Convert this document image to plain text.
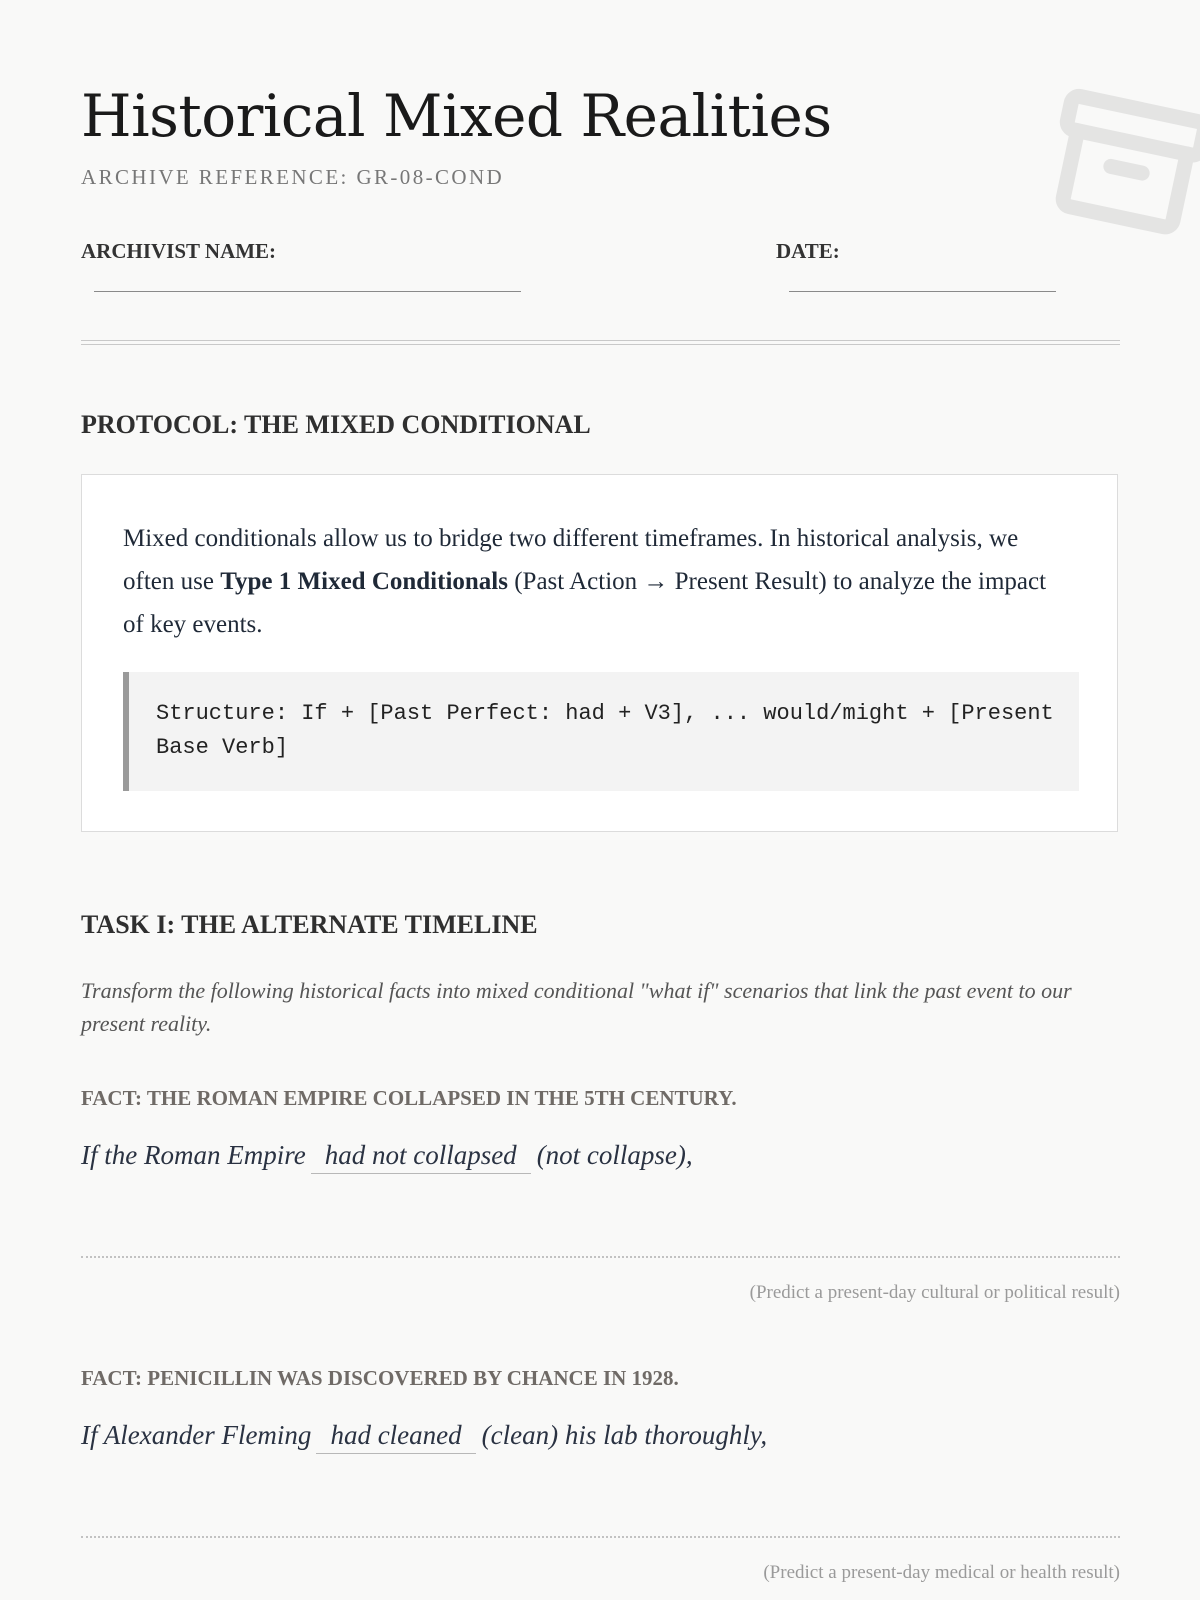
Historical Mixed Realities
ARCHIVE REFERENCE: GR-08-COND
ARCHIVIST NAME:	DATE:
PROTOCOL: THE MIXED CONDITIONAL

Mixed conditionals allow us to bridge two different timeframes. In historical analysis, we often use Type 1 Mixed Conditionals (Past Action → Present Result) to analyze the impact of key events.

Structure: If + [Past Perfect: had + V3], ... would/might + [Present Base Verb]
TASK I: THE ALTERNATE TIMELINE

Transform the following historical facts into mixed conditional "what if" scenarios that link the past event to our present reality.

FACT: THE ROMAN EMPIRE COLLAPSED IN THE 5TH CENTURY.
If the Roman Empire had not collapsed (not collapse),
(Predict a present-day cultural or political result)
FACT: PENICILLIN WAS DISCOVERED BY CHANCE IN 1928.
If Alexander Fleming had cleaned (clean) his lab thoroughly,
(Predict a present-day medical or health result)
